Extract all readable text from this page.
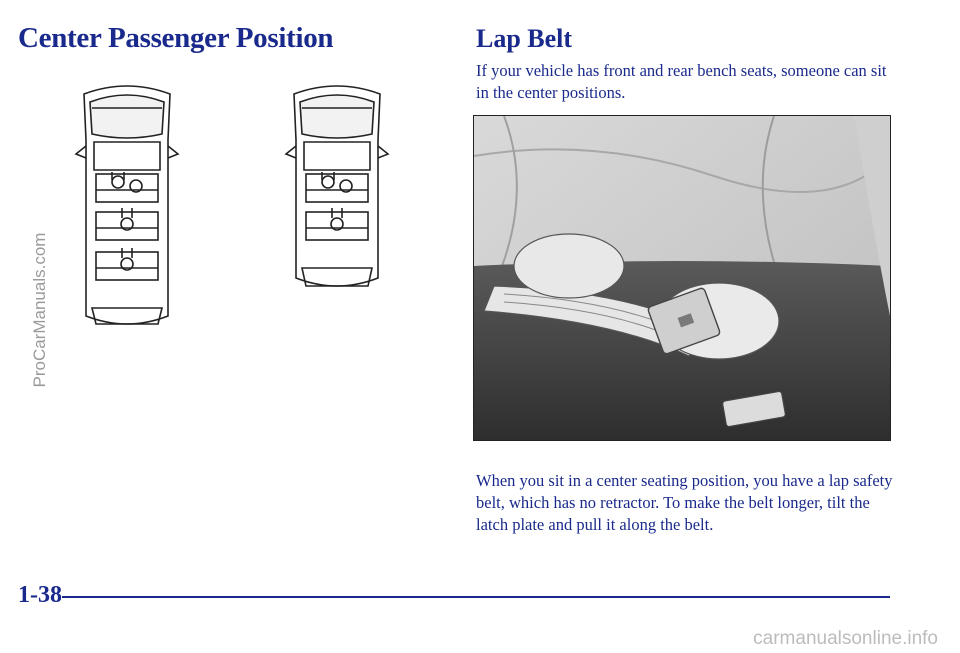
Center Passenger Position	Lap Belt

If your vehicle has front and rear bench seats, someone can sit in the center positions.

When you sit in a center seating position, you have a lap safety belt, which has no retractor. To make the belt longer, tilt the latch plate and pull it along the belt.

ProCarManuals.com
1-38
carmanualsonline.info
